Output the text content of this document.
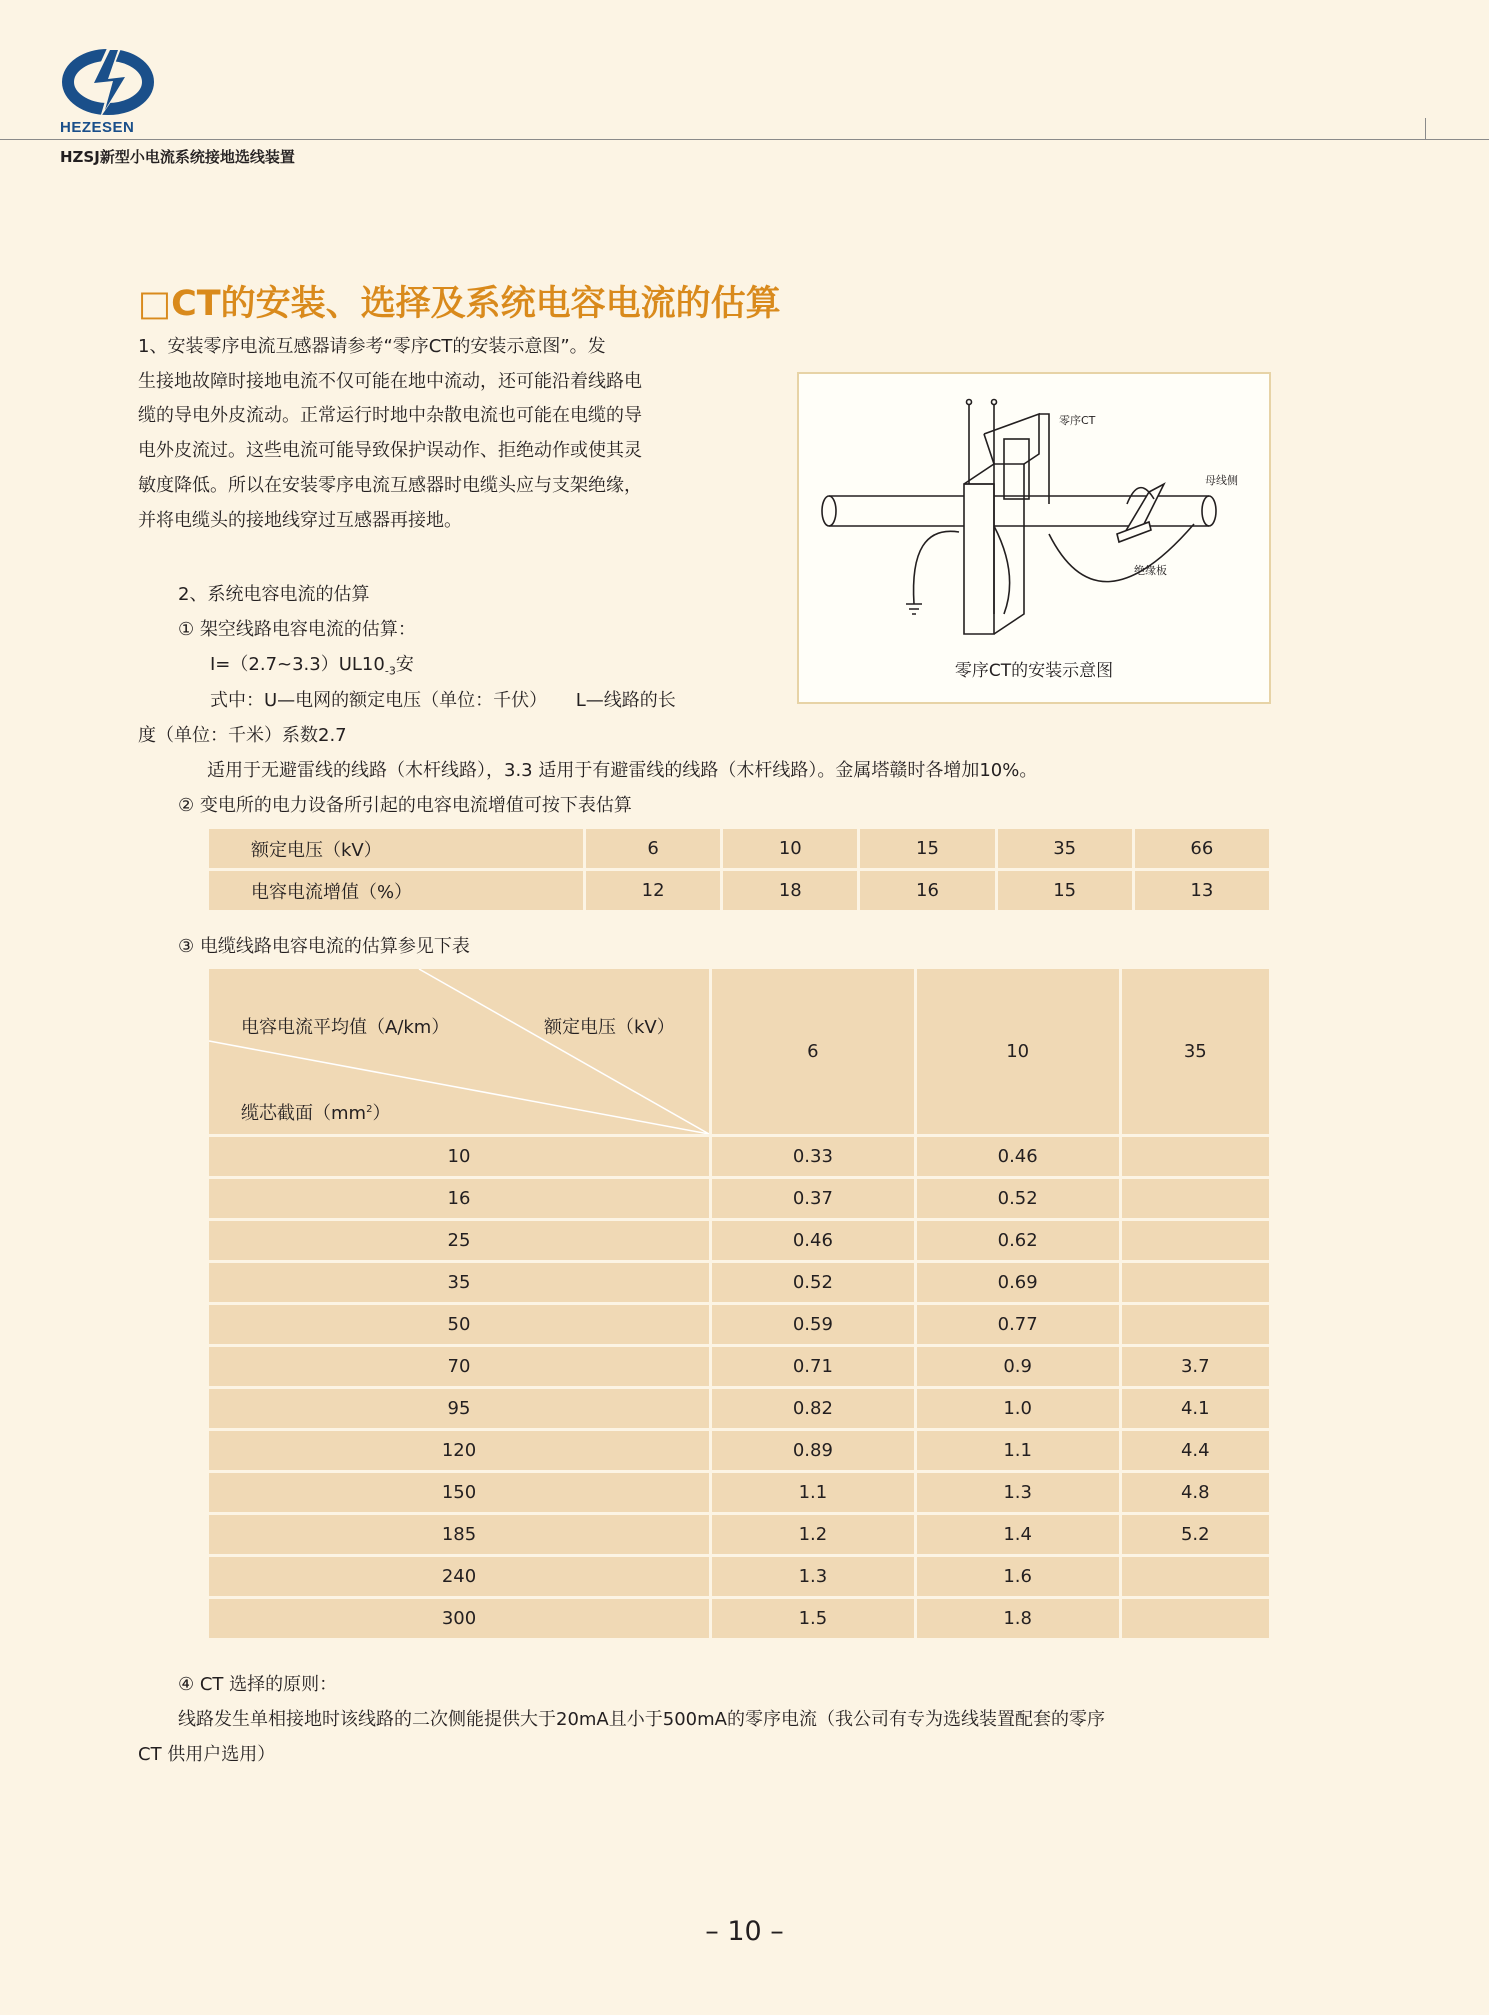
HEZESEN
HZSJ新型小电流系统接地选线装置
□CT的安装、选择及系统电容电流的估算
1、安装零序电流互感器请参考“零序CT的安装示意图”。发
生接地故障时接地电流不仅可能在地中流动，还可能沿着线路电
缆的导电外皮流动。正常运行时地中杂散电流也可能在电缆的导
电外皮流过。这些电流可能导致保护误动作、拒绝动作或使其灵
敏度降低。所以在安装零序电流互感器时电缆头应与支架绝缘，
并将电缆头的接地线穿过互感器再接地。
零序CT
母线侧
绝缘板
零序CT的安装示意图
2、系统电容电流的估算
① 架空线路电容电流的估算：
$I=(2.7\sim 3.3)UL10_{-3}$安
式中：U—电网的额定电压（单位：千伏）     L—线路的长
度（单位：千米）系数2.7
适用于无避雷线的线路（木杆线路），3.3 适用于有避雷线的线路（木杆线路）。金属塔赣时各增加10%。
② 变电所的电力设备所引起的电容电流增值可按下表估算
额定电压（kV）	6	10	15	35	66
电容电流增值（%）	12	18	16	15	13
③ 电缆线路电容电流的估算参见下表
电容电流平均值（A/km） 额定电压（kV）
缆芯截面$(mm^2)$	6	10	35
10	0.33	0.46	
16	0.37	0.52	
25	0.46	0.62	
35	0.52	0.69	
50	0.59	0.77	
70	0.71	0.9	3.7
95	0.82	1.0	4.1
120	0.89	1.1	4.4
150	1.1	1.3	4.8
185	1.2	1.4	5.2
240	1.3	1.6	
300	1.5	1.8	
④ CT 选择的原则：
线路发生单相接地时该线路的二次侧能提供大于20mA且小于500mA的零序电流（我公司有专为选线装置配套的零序
CT 供用户选用）
– 10 –
